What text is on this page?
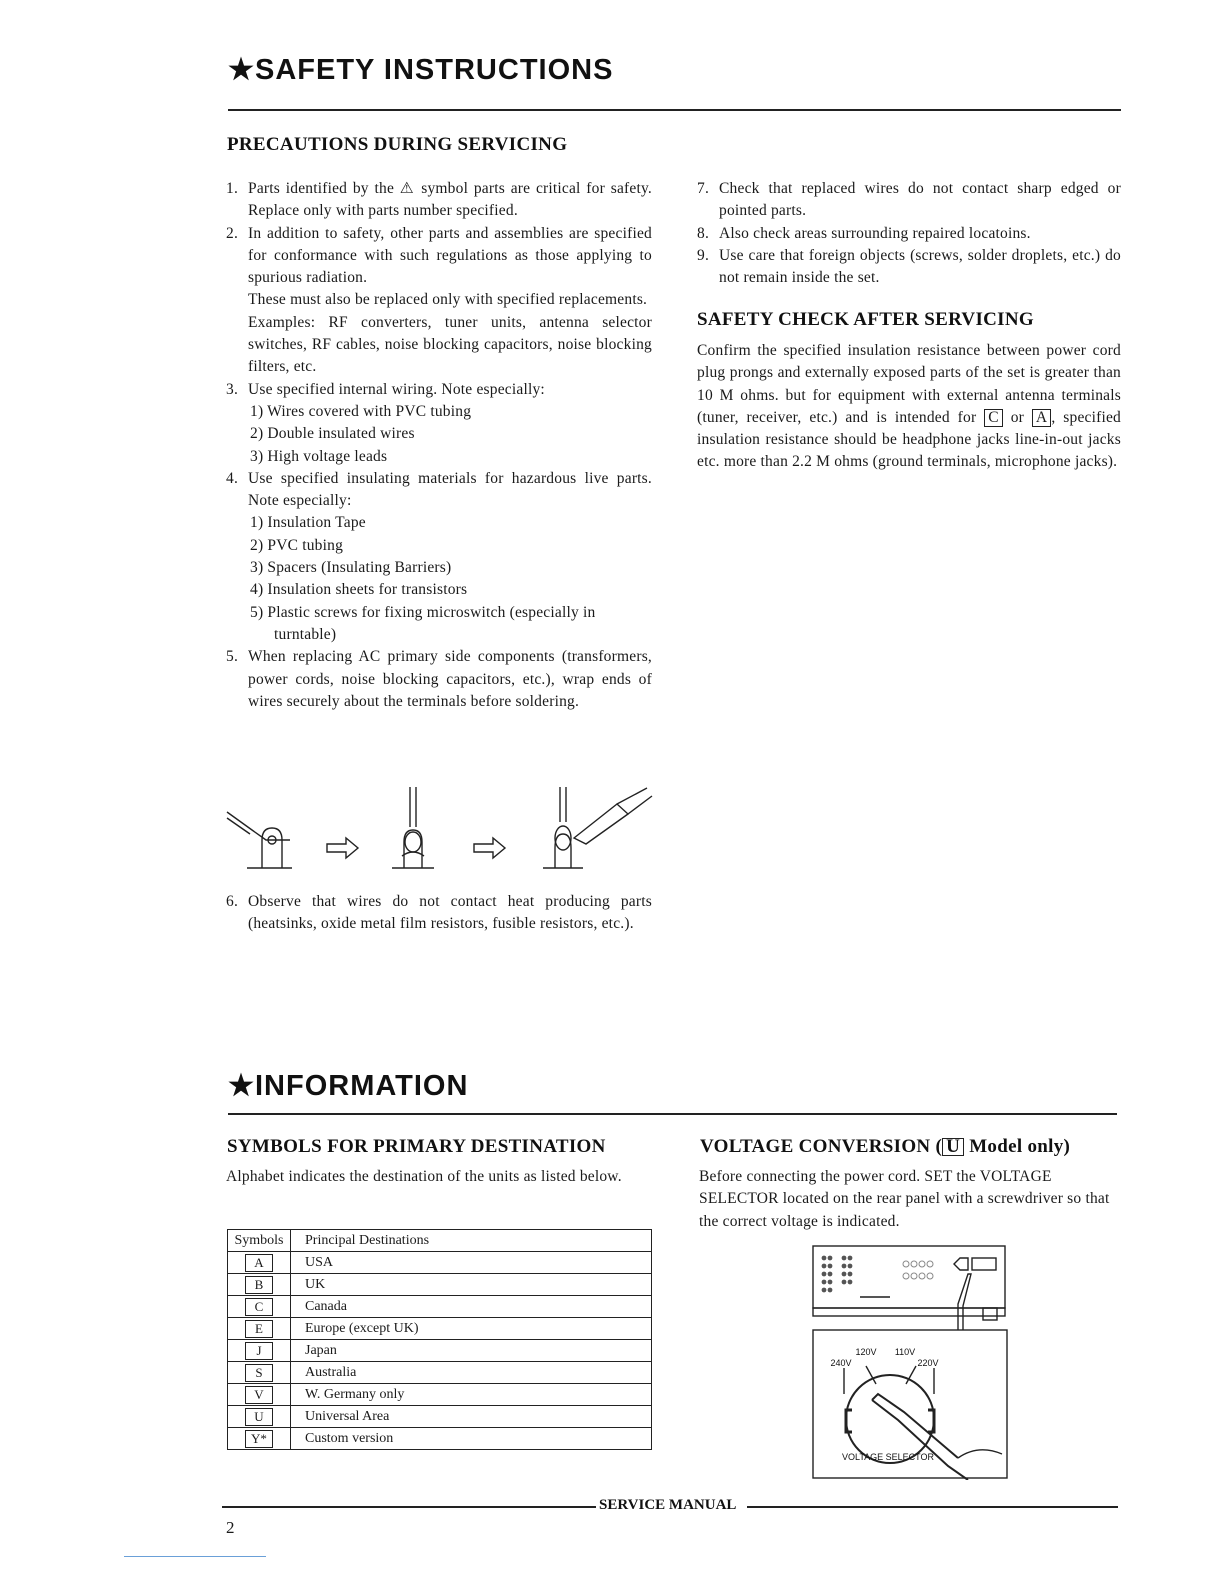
★SAFETY INSTRUCTIONS
PRECAUTIONS DURING SERVICING
1. Parts identified by the ⚠ symbol parts are critical for safety. Replace only with parts number specified.
2. In addition to safety, other parts and assemblies are specified for conformance with such regulations as those applying to spurious radiation.
These must also be replaced only with specified replacements.
Examples: RF converters, tuner units, antenna selector switches, RF cables, noise blocking capacitors, noise blocking filters, etc.
3. Use specified internal wiring. Note especially:
1) Wires covered with PVC tubing
2) Double insulated wires
3) High voltage leads
4. Use specified insulating materials for hazardous live parts. Note especially:
1) Insulation Tape
2) PVC tubing
3) Spacers (Insulating Barriers)
4) Insulation sheets for transistors
5) Plastic screws for fixing microswitch (especially in turntable)
5. When replacing AC primary side components (transformers, power cords, noise blocking capacitors, etc.), wrap ends of wires securely about the terminals before soldering.
6. Observe that wires do not contact heat producing parts (heatsinks, oxide metal film resistors, fusible resistors, etc.).
7. Check that replaced wires do not contact sharp edged or pointed parts.
8. Also check areas surrounding repaired locatoins.
9. Use care that foreign objects (screws, solder droplets, etc.) do not remain inside the set.
SAFETY CHECK AFTER SERVICING
Confirm the specified insulation resistance between power cord plug prongs and externally exposed parts of the set is greater than 10 M ohms. but for equipment with external antenna terminals (tuner, receiver, etc.) and is intended for C or A , specified insulation resistance should be headphone jacks line-in-out jacks etc. more than 2.2 M ohms (ground terminals, microphone jacks).
★INFORMATION
SYMBOLS FOR PRIMARY DESTINATION
Alphabet indicates the destination of the units as listed below.
Symbols	Principal Destinations
A	USA
B	UK
C	Canada
E	Europe (except UK)
J	Japan
S	Australia
V	W. Germany only
U	Universal Area
Y*	Custom version
VOLTAGE CONVERSION ( U Model only)
Before connecting the power cord. SET the VOLTAGE SELECTOR located on the rear panel with a screwdriver so that the correct voltage is indicated.
120V 110V
240V	220V
VOLTAGE SELECTOR
SERVICE MANUAL
2
